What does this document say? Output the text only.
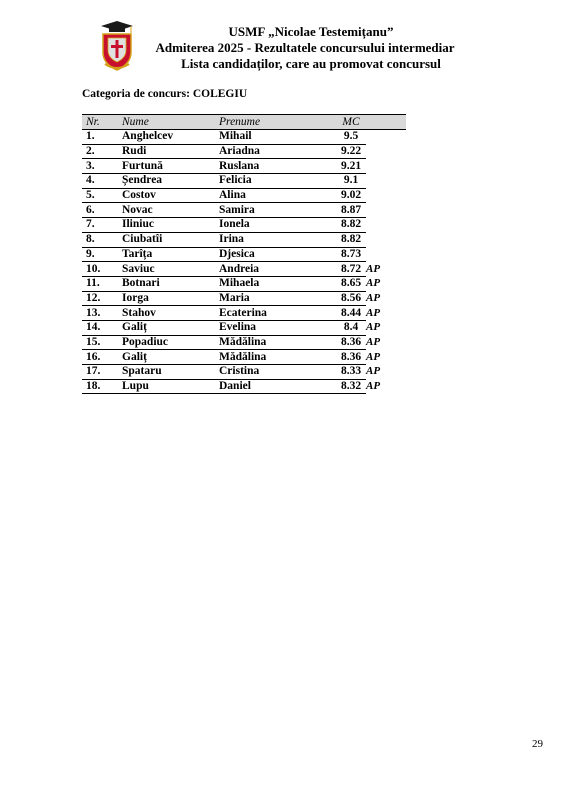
USMF „Nicolae Testemițanu”
Admiterea 2025 - Rezultatele concursului intermediar
Lista candidaților, care au promovat concursul
Categoria de concurs: COLEGIU
Nr.	Nume	Prenume	MC	
1.	Anghelcev	Mihail	9.5	
2.	Rudi	Ariadna	9.22	
3.	Furtună	Ruslana	9.21	
4.	Șendrea	Felicia	9.1	
5.	Costov	Alina	9.02	
6.	Novac	Samira	8.87	
7.	Iliniuc	Ionela	8.82	
8.	Ciubatîi	Irina	8.82	
9.	Tarîța	Djesica	8.73	
10.	Saviuc	Andreia	8.72	AP
11.	Botnari	Mihaela	8.65	AP
12.	Iorga	Maria	8.56	AP
13.	Stahov	Ecaterina	8.44	AP
14.	Galiț	Evelina	8.4	AP
15.	Popadiuc	Mădălina	8.36	AP
16.	Galiț	Mădălina	8.36	AP
17.	Spataru	Cristina	8.33	AP
18.	Lupu	Daniel	8.32	AP
29
